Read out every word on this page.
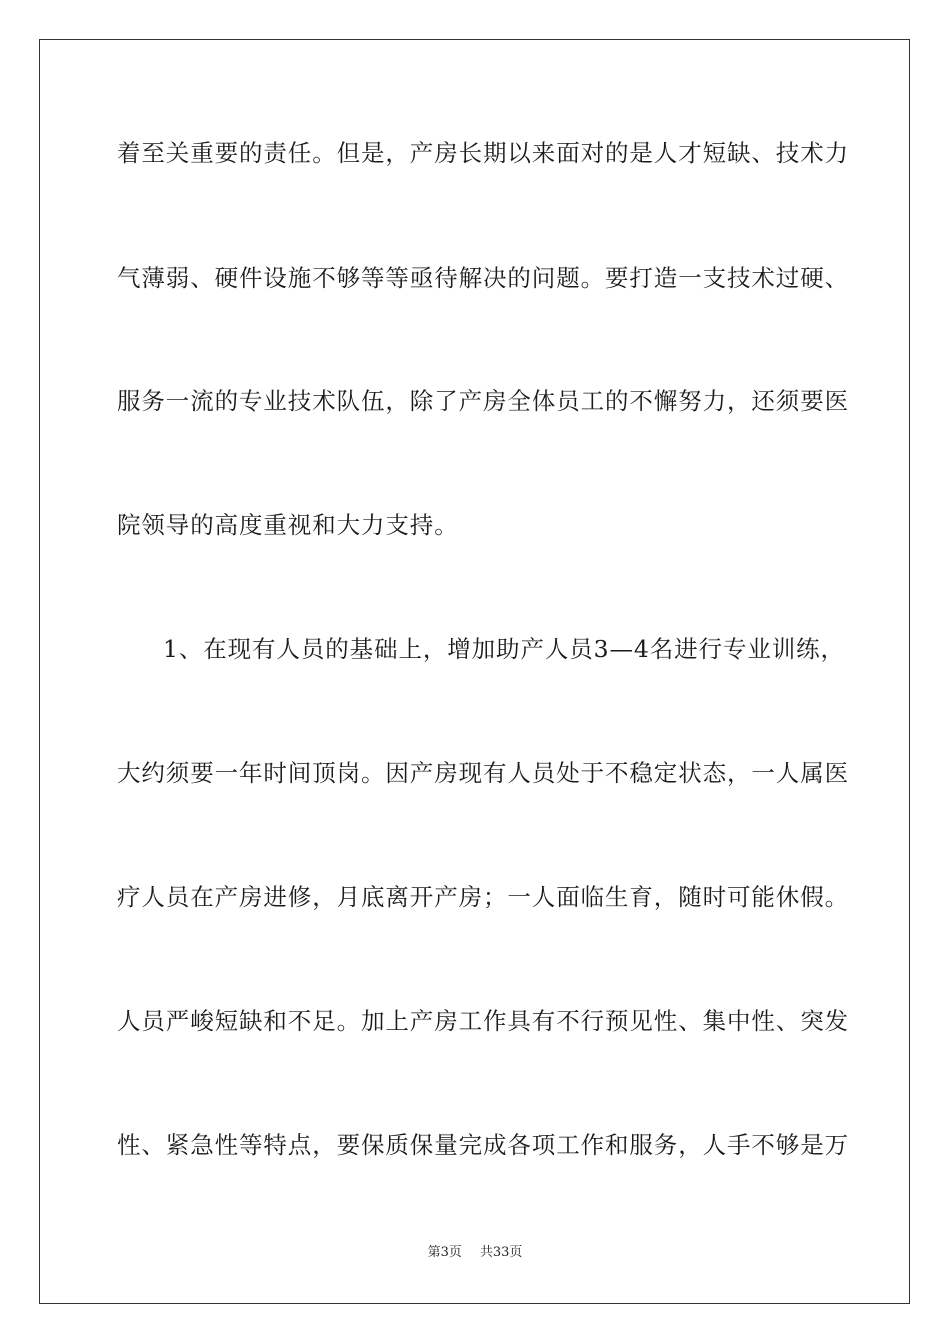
着至关重要的责任。但是，产房长期以来面对的是人才短缺、技术力
气薄弱、硬件设施不够等等亟待解决的问题。要打造一支技术过硬、
服务一流的专业技术队伍，除了产房全体员工的不懈努力，还须要医
院领导的高度重视和大力支持。
1、在现有人员的基础上，增加助产人员3—4名进行专业训练，
大约须要一年时间顶岗。因产房现有人员处于不稳定状态，一人属医
疗人员在产房进修，月底离开产房；一人面临生育，随时可能休假。
人员严峻短缺和不足。加上产房工作具有不行预见性、集中性、突发
性、紧急性等特点，要保质保量完成各项工作和服务，人手不够是万
第3页 共33页
